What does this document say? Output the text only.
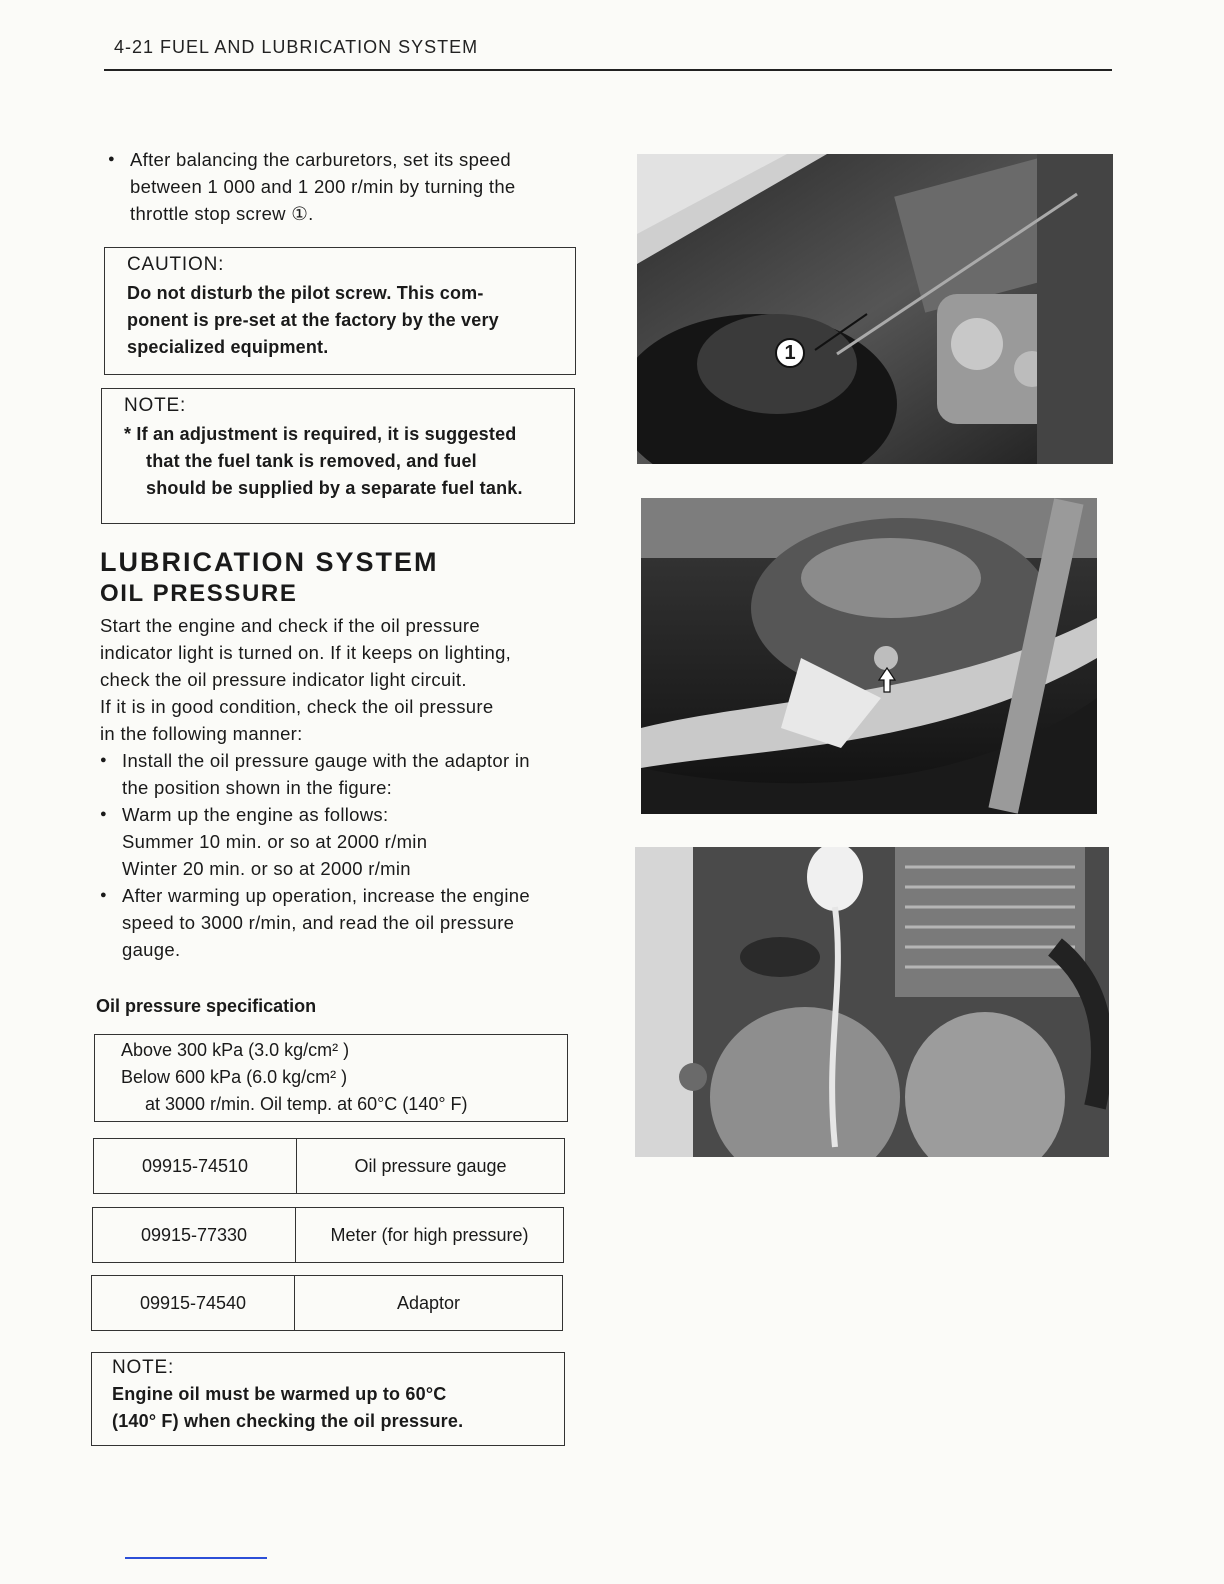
4-21 FUEL AND LUBRICATION SYSTEM
● After balancing the carburetors, set its speed
between 1 000 and 1 200 r/min by turning the
throttle stop screw ①.
CAUTION:
Do not disturb the pilot screw. This com-
ponent is pre-set at the factory by the very
specialized equipment.
NOTE:
* If an adjustment is required, it is suggested
that the fuel tank is removed, and fuel
should be supplied by a separate fuel tank.
LUBRICATION SYSTEM
OIL PRESSURE
Start the engine and check if the oil pressure
indicator light is turned on. If it keeps on lighting,
check the oil pressure indicator light circuit.
If it is in good condition, check the oil pressure
in the following manner:
● Install the oil pressure gauge with the adaptor in
the position shown in the figure:
● Warm up the engine as follows:
Summer 10 min. or so at 2000 r/min
Winter 20 min. or so at 2000 r/min
● After warming up operation, increase the engine
speed to 3000 r/min, and read the oil pressure
gauge.
Oil pressure specification
Above 300 kPa (3.0 kg/cm² )
Below 600 kPa (6.0 kg/cm² )
at 3000 r/min. Oil temp. at 60°C (140° F)
09915-74510	Oil pressure gauge
09915-77330	Meter (for high pressure)
09915-74540	Adaptor
NOTE:
Engine oil must be warmed up to 60°C
(140° F) when checking the oil pressure.
1
